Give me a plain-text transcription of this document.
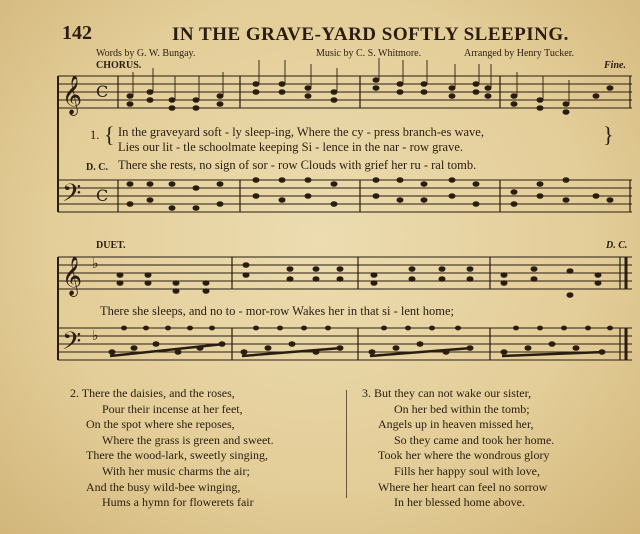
142	IN THE GRAVE-YARD SOFTLY SLEEPING.
Words by G. W. Bungay.	Music by C. S. Whitmore.	Arranged by Henry Tucker.
CHORUS.	Fine.
𝄞
𝄢
𝄞
𝄢
C
C
♭
♭
1. { In the graveyard soft - ly sleep-ing, Where the cy - press branch-es wave,
Lies our lit - tle schoolmate keeping Si - lence in the nar - row grave.	}
D. C. There she rests, no sign of sor - row Clouds with grief her ru - ral tomb.
DUET.	D. C.
There she sleeps, and no to - mor-row Wakes her in that si - lent home;
2. There the daisies, and the roses,
Pour their incense at her feet,
On the spot where she reposes,
Where the grass is green and sweet.
There the wood-lark, sweetly singing,
With her music charms the air;
And the busy wild-bee winging,
Hums a hymn for flowerets fair
3. But they can not wake our sister,
On her bed within the tomb;
Angels up in heaven missed her,
So they came and took her home.
Took her where the wondrous glory
Fills her happy soul with love,
Where her heart can feel no sorrow
In her blessed home above.
